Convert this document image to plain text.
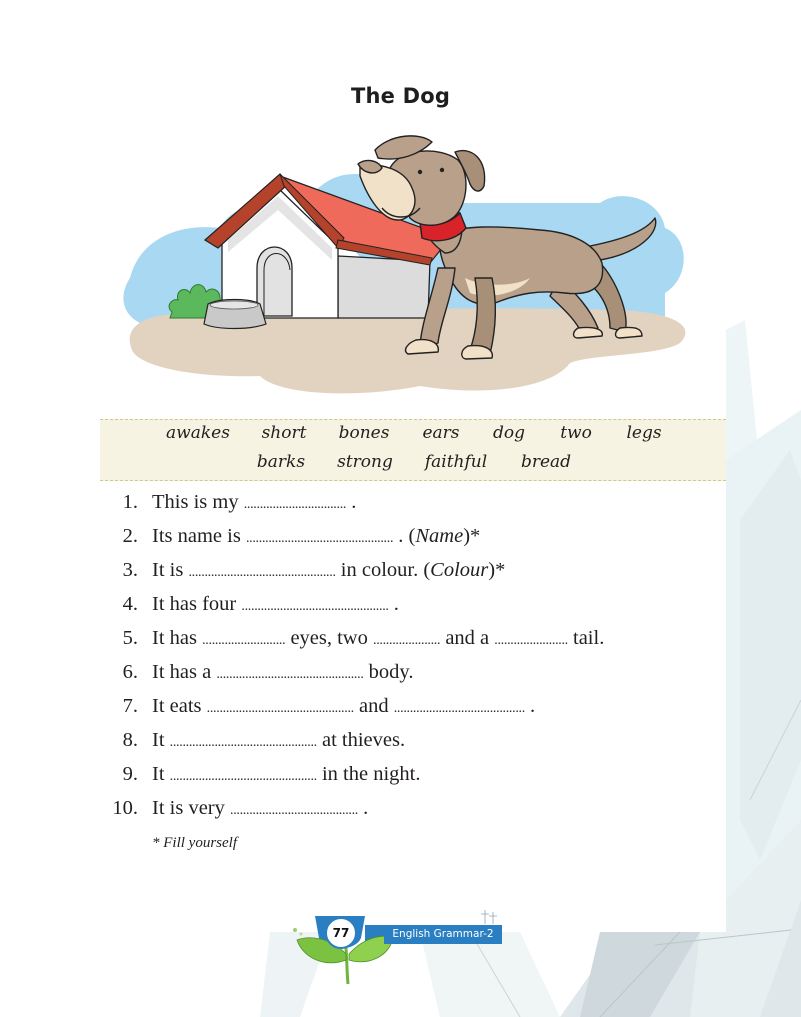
The Dog
awakes short bones ears dog two legs
barks strong faithful bread
1. This is my ................................ .
2. Its name is .............................................. . (Name)*
3. It is .............................................. in colour. (Colour)*
4. It has four .............................................. .
5. It has .......................... eyes, two ..................... and a ....................... tail.
6. It has a .............................................. body.
7. It eats .............................................. and ......................................... .
8. It .............................................. at thieves.
9. It .............................................. in the night.
10. It is very ........................................ .
* Fill yourself
77	English Grammar-2
